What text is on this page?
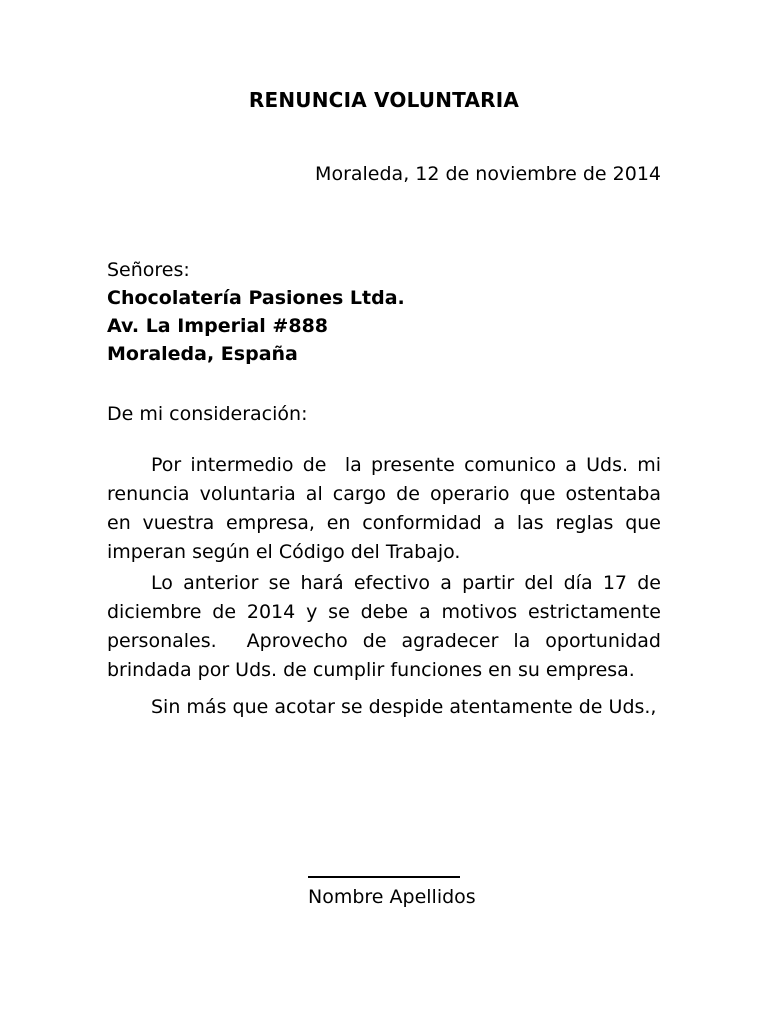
RENUNCIA VOLUNTARIA
Moraleda, 12 de noviembre de 2014
Señores:
Chocolatería Pasiones Ltda.
Av. La Imperial #888
Moraleda, España
De mi consideración:

Por intermedio de  la presente comunico a Uds. mi renuncia voluntaria al cargo de operario que ostentaba en vuestra empresa, en conformidad a las reglas que imperan según el Código del Trabajo.

Lo anterior se hará efectivo a partir del día 17 de diciembre de 2014 y se debe a motivos estrictamente personales.  Aprovecho de agradecer la oportunidad brindada por Uds. de cumplir funciones en su empresa.

Sin más que acotar se despide atentamente de Uds.,
Nombre Apellidos
